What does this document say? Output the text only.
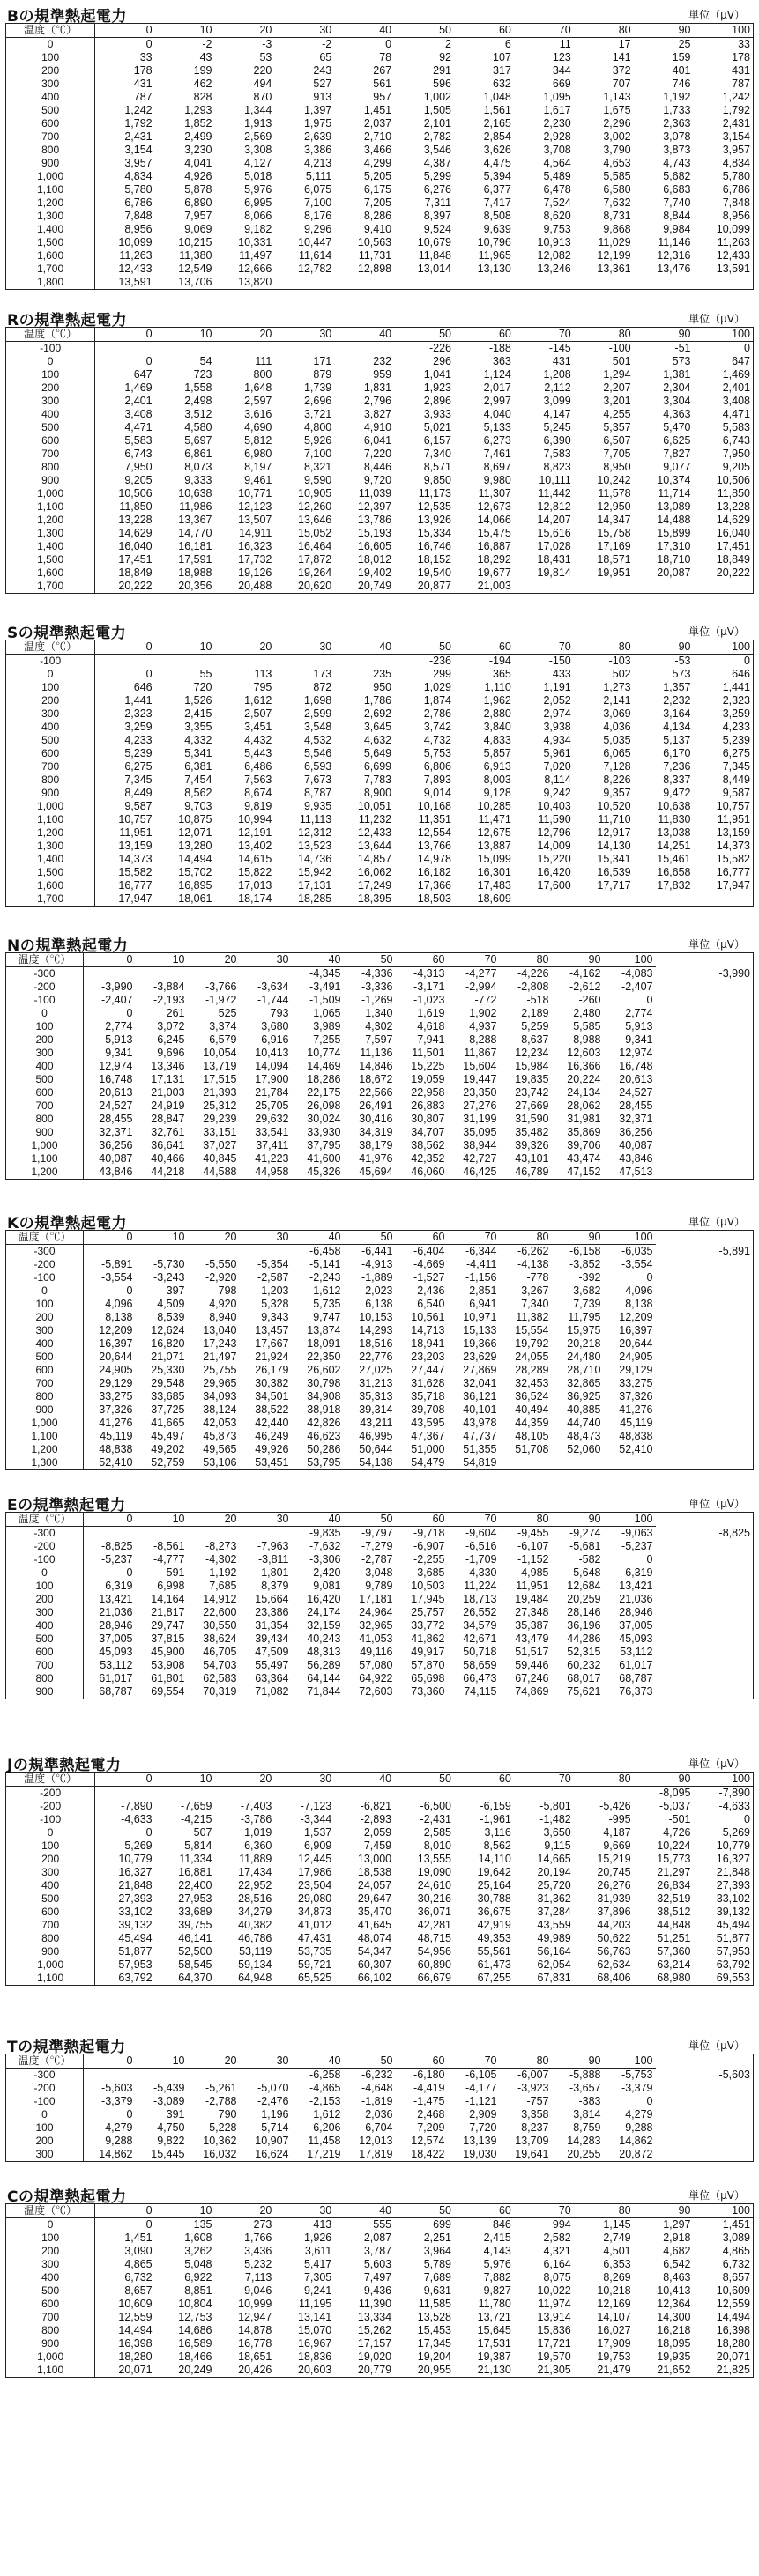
Bの規準熱起電力	単位（μV）
温度（℃）	0	10	20	30	40	50	60	70	80	90	100
0	0	-2	-3	-2	0	2	6	11	17	25	33
100	33	43	53	65	78	92	107	123	141	159	178
200	178	199	220	243	267	291	317	344	372	401	431
300	431	462	494	527	561	596	632	669	707	746	787
400	787	828	870	913	957	1,002	1,048	1,095	1,143	1,192	1,242
500	1,242	1,293	1,344	1,397	1,451	1,505	1,561	1,617	1,675	1,733	1,792
600	1,792	1,852	1,913	1,975	2,037	2,101	2,165	2,230	2,296	2,363	2,431
700	2,431	2,499	2,569	2,639	2,710	2,782	2,854	2,928	3,002	3,078	3,154
800	3,154	3,230	3,308	3,386	3,466	3,546	3,626	3,708	3,790	3,873	3,957
900	3,957	4,041	4,127	4,213	4,299	4,387	4,475	4,564	4,653	4,743	4,834
1,000	4,834	4,926	5,018	5,111	5,205	5,299	5,394	5,489	5,585	5,682	5,780
1,100	5,780	5,878	5,976	6,075	6,175	6,276	6,377	6,478	6,580	6,683	6,786
1,200	6,786	6,890	6,995	7,100	7,205	7,311	7,417	7,524	7,632	7,740	7,848
1,300	7,848	7,957	8,066	8,176	8,286	8,397	8,508	8,620	8,731	8,844	8,956
1,400	8,956	9,069	9,182	9,296	9,410	9,524	9,639	9,753	9,868	9,984	10,099
1,500	10,099	10,215	10,331	10,447	10,563	10,679	10,796	10,913	11,029	11,146	11,263
1,600	11,263	11,380	11,497	11,614	11,731	11,848	11,965	12,082	12,199	12,316	12,433
1,700	12,433	12,549	12,666	12,782	12,898	13,014	13,130	13,246	13,361	13,476	13,591
1,800	13,591	13,706	13,820								
Rの規準熱起電力	単位（μV）
温度（℃）	0	10	20	30	40	50	60	70	80	90	100
-100						-226	-188	-145	-100	-51	0
0	0	54	111	171	232	296	363	431	501	573	647
100	647	723	800	879	959	1,041	1,124	1,208	1,294	1,381	1,469
200	1,469	1,558	1,648	1,739	1,831	1,923	2,017	2,112	2,207	2,304	2,401
300	2,401	2,498	2,597	2,696	2,796	2,896	2,997	3,099	3,201	3,304	3,408
400	3,408	3,512	3,616	3,721	3,827	3,933	4,040	4,147	4,255	4,363	4,471
500	4,471	4,580	4,690	4,800	4,910	5,021	5,133	5,245	5,357	5,470	5,583
600	5,583	5,697	5,812	5,926	6,041	6,157	6,273	6,390	6,507	6,625	6,743
700	6,743	6,861	6,980	7,100	7,220	7,340	7,461	7,583	7,705	7,827	7,950
800	7,950	8,073	8,197	8,321	8,446	8,571	8,697	8,823	8,950	9,077	9,205
900	9,205	9,333	9,461	9,590	9,720	9,850	9,980	10,111	10,242	10,374	10,506
1,000	10,506	10,638	10,771	10,905	11,039	11,173	11,307	11,442	11,578	11,714	11,850
1,100	11,850	11,986	12,123	12,260	12,397	12,535	12,673	12,812	12,950	13,089	13,228
1,200	13,228	13,367	13,507	13,646	13,786	13,926	14,066	14,207	14,347	14,488	14,629
1,300	14,629	14,770	14,911	15,052	15,193	15,334	15,475	15,616	15,758	15,899	16,040
1,400	16,040	16,181	16,323	16,464	16,605	16,746	16,887	17,028	17,169	17,310	17,451
1,500	17,451	17,591	17,732	17,872	18,012	18,152	18,292	18,431	18,571	18,710	18,849
1,600	18,849	18,988	19,126	19,264	19,402	19,540	19,677	19,814	19,951	20,087	20,222
1,700	20,222	20,356	20,488	20,620	20,749	20,877	21,003				
Sの規準熱起電力	単位（μV）
温度（℃）	0	10	20	30	40	50	60	70	80	90	100
-100						-236	-194	-150	-103	-53	0
0	0	55	113	173	235	299	365	433	502	573	646
100	646	720	795	872	950	1,029	1,110	1,191	1,273	1,357	1,441
200	1,441	1,526	1,612	1,698	1,786	1,874	1,962	2,052	2,141	2,232	2,323
300	2,323	2,415	2,507	2,599	2,692	2,786	2,880	2,974	3,069	3,164	3,259
400	3,259	3,355	3,451	3,548	3,645	3,742	3,840	3,938	4,036	4,134	4,233
500	4,233	4,332	4,432	4,532	4,632	4,732	4,833	4,934	5,035	5,137	5,239
600	5,239	5,341	5,443	5,546	5,649	5,753	5,857	5,961	6,065	6,170	6,275
700	6,275	6,381	6,486	6,593	6,699	6,806	6,913	7,020	7,128	7,236	7,345
800	7,345	7,454	7,563	7,673	7,783	7,893	8,003	8,114	8,226	8,337	8,449
900	8,449	8,562	8,674	8,787	8,900	9,014	9,128	9,242	9,357	9,472	9,587
1,000	9,587	9,703	9,819	9,935	10,051	10,168	10,285	10,403	10,520	10,638	10,757
1,100	10,757	10,875	10,994	11,113	11,232	11,351	11,471	11,590	11,710	11,830	11,951
1,200	11,951	12,071	12,191	12,312	12,433	12,554	12,675	12,796	12,917	13,038	13,159
1,300	13,159	13,280	13,402	13,523	13,644	13,766	13,887	14,009	14,130	14,251	14,373
1,400	14,373	14,494	14,615	14,736	14,857	14,978	15,099	15,220	15,341	15,461	15,582
1,500	15,582	15,702	15,822	15,942	16,062	16,182	16,301	16,420	16,539	16,658	16,777
1,600	16,777	16,895	17,013	17,131	17,249	17,366	17,483	17,600	17,717	17,832	17,947
1,700	17,947	18,061	18,174	18,285	18,395	18,503	18,609				
Nの規準熱起電力	単位（μV）
温度（℃）	0	10	20	30	40	50	60	70	80	90	100	
-300					-4,345	-4,336	-4,313	-4,277	-4,226	-4,162	-4,083	-3,990
-200	-3,990	-3,884	-3,766	-3,634	-3,491	-3,336	-3,171	-2,994	-2,808	-2,612	-2,407	
-100	-2,407	-2,193	-1,972	-1,744	-1,509	-1,269	-1,023	-772	-518	-260	0	
0	0	261	525	793	1,065	1,340	1,619	1,902	2,189	2,480	2,774	
100	2,774	3,072	3,374	3,680	3,989	4,302	4,618	4,937	5,259	5,585	5,913	
200	5,913	6,245	6,579	6,916	7,255	7,597	7,941	8,288	8,637	8,988	9,341	
300	9,341	9,696	10,054	10,413	10,774	11,136	11,501	11,867	12,234	12,603	12,974	
400	12,974	13,346	13,719	14,094	14,469	14,846	15,225	15,604	15,984	16,366	16,748	
500	16,748	17,131	17,515	17,900	18,286	18,672	19,059	19,447	19,835	20,224	20,613	
600	20,613	21,003	21,393	21,784	22,175	22,566	22,958	23,350	23,742	24,134	24,527	
700	24,527	24,919	25,312	25,705	26,098	26,491	26,883	27,276	27,669	28,062	28,455	
800	28,455	28,847	29,239	29,632	30,024	30,416	30,807	31,199	31,590	31,981	32,371	
900	32,371	32,761	33,151	33,541	33,930	34,319	34,707	35,095	35,482	35,869	36,256	
1,000	36,256	36,641	37,027	37,411	37,795	38,179	38,562	38,944	39,326	39,706	40,087	
1,100	40,087	40,466	40,845	41,223	41,600	41,976	42,352	42,727	43,101	43,474	43,846	
1,200	43,846	44,218	44,588	44,958	45,326	45,694	46,060	46,425	46,789	47,152	47,513	
Kの規準熱起電力	単位（μV）
温度（℃）	0	10	20	30	40	50	60	70	80	90	100	
-300					-6,458	-6,441	-6,404	-6,344	-6,262	-6,158	-6,035	-5,891
-200	-5,891	-5,730	-5,550	-5,354	-5,141	-4,913	-4,669	-4,411	-4,138	-3,852	-3,554	
-100	-3,554	-3,243	-2,920	-2,587	-2,243	-1,889	-1,527	-1,156	-778	-392	0	
0	0	397	798	1,203	1,612	2,023	2,436	2,851	3,267	3,682	4,096	
100	4,096	4,509	4,920	5,328	5,735	6,138	6,540	6,941	7,340	7,739	8,138	
200	8,138	8,539	8,940	9,343	9,747	10,153	10,561	10,971	11,382	11,795	12,209	
300	12,209	12,624	13,040	13,457	13,874	14,293	14,713	15,133	15,554	15,975	16,397	
400	16,397	16,820	17,243	17,667	18,091	18,516	18,941	19,366	19,792	20,218	20,644	
500	20,644	21,071	21,497	21,924	22,350	22,776	23,203	23,629	24,055	24,480	24,905	
600	24,905	25,330	25,755	26,179	26,602	27,025	27,447	27,869	28,289	28,710	29,129	
700	29,129	29,548	29,965	30,382	30,798	31,213	31,628	32,041	32,453	32,865	33,275	
800	33,275	33,685	34,093	34,501	34,908	35,313	35,718	36,121	36,524	36,925	37,326	
900	37,326	37,725	38,124	38,522	38,918	39,314	39,708	40,101	40,494	40,885	41,276	
1,000	41,276	41,665	42,053	42,440	42,826	43,211	43,595	43,978	44,359	44,740	45,119	
1,100	45,119	45,497	45,873	46,249	46,623	46,995	47,367	47,737	48,105	48,473	48,838	
1,200	48,838	49,202	49,565	49,926	50,286	50,644	51,000	51,355	51,708	52,060	52,410	
1,300	52,410	52,759	53,106	53,451	53,795	54,138	54,479	54,819				
Eの規準熱起電力	単位（μV）
温度（℃）	0	10	20	30	40	50	60	70	80	90	100	
-300					-9,835	-9,797	-9,718	-9,604	-9,455	-9,274	-9,063	-8,825
-200	-8,825	-8,561	-8,273	-7,963	-7,632	-7,279	-6,907	-6,516	-6,107	-5,681	-5,237	
-100	-5,237	-4,777	-4,302	-3,811	-3,306	-2,787	-2,255	-1,709	-1,152	-582	0	
0	0	591	1,192	1,801	2,420	3,048	3,685	4,330	4,985	5,648	6,319	
100	6,319	6,998	7,685	8,379	9,081	9,789	10,503	11,224	11,951	12,684	13,421	
200	13,421	14,164	14,912	15,664	16,420	17,181	17,945	18,713	19,484	20,259	21,036	
300	21,036	21,817	22,600	23,386	24,174	24,964	25,757	26,552	27,348	28,146	28,946	
400	28,946	29,747	30,550	31,354	32,159	32,965	33,772	34,579	35,387	36,196	37,005	
500	37,005	37,815	38,624	39,434	40,243	41,053	41,862	42,671	43,479	44,286	45,093	
600	45,093	45,900	46,705	47,509	48,313	49,116	49,917	50,718	51,517	52,315	53,112	
700	53,112	53,908	54,703	55,497	56,289	57,080	57,870	58,659	59,446	60,232	61,017	
800	61,017	61,801	62,583	63,364	64,144	64,922	65,698	66,473	67,246	68,017	68,787	
900	68,787	69,554	70,319	71,082	71,844	72,603	73,360	74,115	74,869	75,621	76,373	
Jの規準熱起電力	単位（μV）
温度（℃）	0	10	20	30	40	50	60	70	80	90	100
-200										-8,095	-7,890
-200	-7,890	-7,659	-7,403	-7,123	-6,821	-6,500	-6,159	-5,801	-5,426	-5,037	-4,633
-100	-4,633	-4,215	-3,786	-3,344	-2,893	-2,431	-1,961	-1,482	-995	-501	0
0	0	507	1,019	1,537	2,059	2,585	3,116	3,650	4,187	4,726	5,269
100	5,269	5,814	6,360	6,909	7,459	8,010	8,562	9,115	9,669	10,224	10,779
200	10,779	11,334	11,889	12,445	13,000	13,555	14,110	14,665	15,219	15,773	16,327
300	16,327	16,881	17,434	17,986	18,538	19,090	19,642	20,194	20,745	21,297	21,848
400	21,848	22,400	22,952	23,504	24,057	24,610	25,164	25,720	26,276	26,834	27,393
500	27,393	27,953	28,516	29,080	29,647	30,216	30,788	31,362	31,939	32,519	33,102
600	33,102	33,689	34,279	34,873	35,470	36,071	36,675	37,284	37,896	38,512	39,132
700	39,132	39,755	40,382	41,012	41,645	42,281	42,919	43,559	44,203	44,848	45,494
800	45,494	46,141	46,786	47,431	48,074	48,715	49,353	49,989	50,622	51,251	51,877
900	51,877	52,500	53,119	53,735	54,347	54,956	55,561	56,164	56,763	57,360	57,953
1,000	57,953	58,545	59,134	59,721	60,307	60,890	61,473	62,054	62,634	63,214	63,792
1,100	63,792	64,370	64,948	65,525	66,102	66,679	67,255	67,831	68,406	68,980	69,553
Tの規準熱起電力	単位（μV）
温度（℃）	0	10	20	30	40	50	60	70	80	90	100	
-300					-6,258	-6,232	-6,180	-6,105	-6,007	-5,888	-5,753	-5,603
-200	-5,603	-5,439	-5,261	-5,070	-4,865	-4,648	-4,419	-4,177	-3,923	-3,657	-3,379	
-100	-3,379	-3,089	-2,788	-2,476	-2,153	-1,819	-1,475	-1,121	-757	-383	0	
0	0	391	790	1,196	1,612	2,036	2,468	2,909	3,358	3,814	4,279	
100	4,279	4,750	5,228	5,714	6,206	6,704	7,209	7,720	8,237	8,759	9,288	
200	9,288	9,822	10,362	10,907	11,458	12,013	12,574	13,139	13,709	14,283	14,862	
300	14,862	15,445	16,032	16,624	17,219	17,819	18,422	19,030	19,641	20,255	20,872	
Cの規準熱起電力	単位（μV）
温度（℃）	0	10	20	30	40	50	60	70	80	90	100
0	0	135	273	413	555	699	846	994	1,145	1,297	1,451
100	1,451	1,608	1,766	1,926	2,087	2,251	2,415	2,582	2,749	2,918	3,089
200	3,090	3,262	3,436	3,611	3,787	3,964	4,143	4,321	4,501	4,682	4,865
300	4,865	5,048	5,232	5,417	5,603	5,789	5,976	6,164	6,353	6,542	6,732
400	6,732	6,922	7,113	7,305	7,497	7,689	7,882	8,075	8,269	8,463	8,657
500	8,657	8,851	9,046	9,241	9,436	9,631	9,827	10,022	10,218	10,413	10,609
600	10,609	10,804	10,999	11,195	11,390	11,585	11,780	11,974	12,169	12,364	12,559
700	12,559	12,753	12,947	13,141	13,334	13,528	13,721	13,914	14,107	14,300	14,494
800	14,494	14,686	14,878	15,070	15,262	15,453	15,645	15,836	16,027	16,218	16,398
900	16,398	16,589	16,778	16,967	17,157	17,345	17,531	17,721	17,909	18,095	18,280
1,000	18,280	18,466	18,651	18,836	19,020	19,204	19,387	19,570	19,753	19,935	20,071
1,100	20,071	20,249	20,426	20,603	20,779	20,955	21,130	21,305	21,479	21,652	21,825
